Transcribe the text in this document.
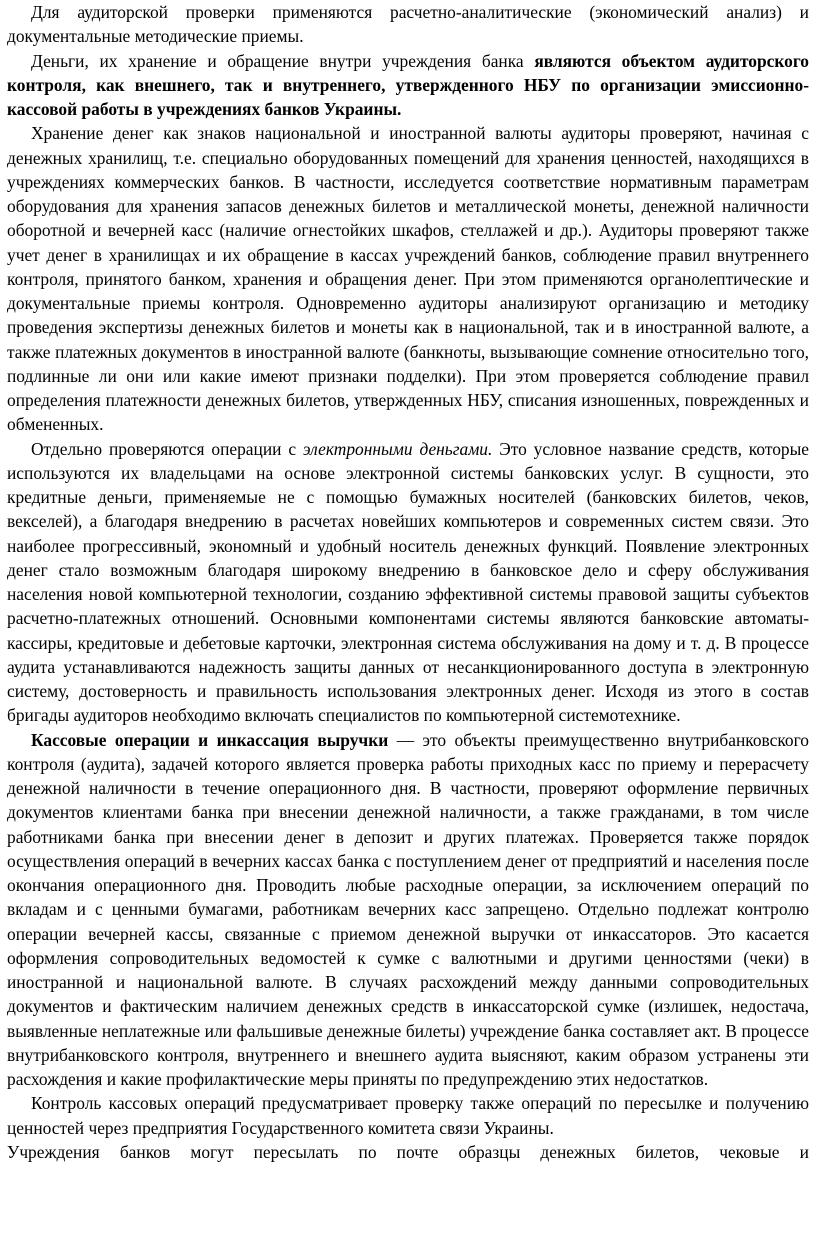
Для аудиторской проверки применяются расчетно-аналитические (экономический анализ) и документальные методические приемы.

Деньги, их хранение и обращение внутри учреждения банка являются объектом аудиторского контроля, как внешнего, так и внутреннего, утвержденного НБУ по организации эмиссионно-кассовой работы в учреждениях банков Украины.

Хранение денег как знаков национальной и иностранной валюты аудиторы проверяют, начиная с денежных хранилищ, т.е. специально оборудованных помещений для хранения ценностей, находящихся в учреждениях коммерческих банков. В частности, исследуется соответствие нормативным параметрам оборудования для хранения запасов денежных билетов и металлической монеты, денежной наличности оборотной и вечерней касс (наличие огнестойких шкафов, стеллажей и др.). Аудиторы проверяют также учет денег в хранилищах и их обращение в кассах учреждений банков, соблюдение правил внутреннего контроля, принятого банком, хранения и обращения денег. При этом применяются органолептические и документальные приемы контроля. Одновременно аудиторы анализируют организацию и методику проведения экспертизы денежных билетов и монеты как в национальной, так и в иностранной валюте, а также платежных документов в иностранной валюте (банкноты, вызывающие сомнение относительно того, подлинные ли они или какие имеют признаки подделки). При этом проверяется соблюдение правил определения платежности денежных билетов, утвержденных НБУ, списания изношенных, поврежденных и обмененных.

Отдельно проверяются операции с электронными деньгами. Это условное название средств, которые используются их владельцами на основе электронной системы банковских услуг. В сущности, это кредитные деньги, применяемые не с помощью бумажных носителей (банковских билетов, чеков, векселей), а благодаря внедрению в расчетах новейших компьютеров и современных систем связи. Это наиболее прогрессивный, экономный и удобный носитель денежных функций. Появление электронных денег стало возможным благодаря широкому внедрению в банковское дело и сферу обслуживания населения новой компьютерной технологии, созданию эффективной системы правовой защиты субъектов расчетно-платежных отношений. Основными компонентами системы являются банковские автоматы-кассиры, кредитовые и дебетовые карточки, электронная система обслуживания на дому и т. д. В процессе аудита устанавливаются надежность защиты данных от несанкционированного доступа в электронную систему, достоверность и правильность использования электронных денег. Исходя из этого в состав бригады аудиторов необходимо включать специалистов по компьютерной системотехнике.

Кассовые операции и инкассация выручки — это объекты преимущественно внутрибанковского контроля (аудита), задачей которого является проверка работы приходных касс по приему и перерасчету денежной наличности в течение операционного дня. В частности, проверяют оформление первичных документов клиентами банка при внесении денежной наличности, а также гражданами, в том числе работниками банка при внесении денег в депозит и других платежах. Проверяется также порядок осуществления операций в вечерних кассах банка с поступлением денег от предприятий и населения после окончания операционного дня. Проводить любые расходные операции, за исключением операций по вкладам и с ценными бумагами, работникам вечерних касс запрещено. Отдельно подлежат контролю операции вечерней кассы, связанные с приемом денежной выручки от инкассаторов. Это касается оформления сопроводительных ведомостей к сумке с валютными и другими ценностями (чеки) в иностранной и национальной валюте. В случаях расхождений между данными сопроводительных документов и фактическим наличием денежных средств в инкассаторской сумке (излишек, недостача, выявленные неплатежные или фальшивые денежные билеты) учреждение банка составляет акт. В процессе внутрибанковского контроля, внутреннего и внешнего аудита выясняют, каким образом устранены эти расхождения и какие профилактические меры приняты по предупреждению этих недостатков.

Контроль кассовых операций предусматривает проверку также операций по пересылке и получению ценностей через предприятия Государственного комитета связи Украины.

Учреждения банков могут пересылать по почте образцы денежных билетов, чековые и
